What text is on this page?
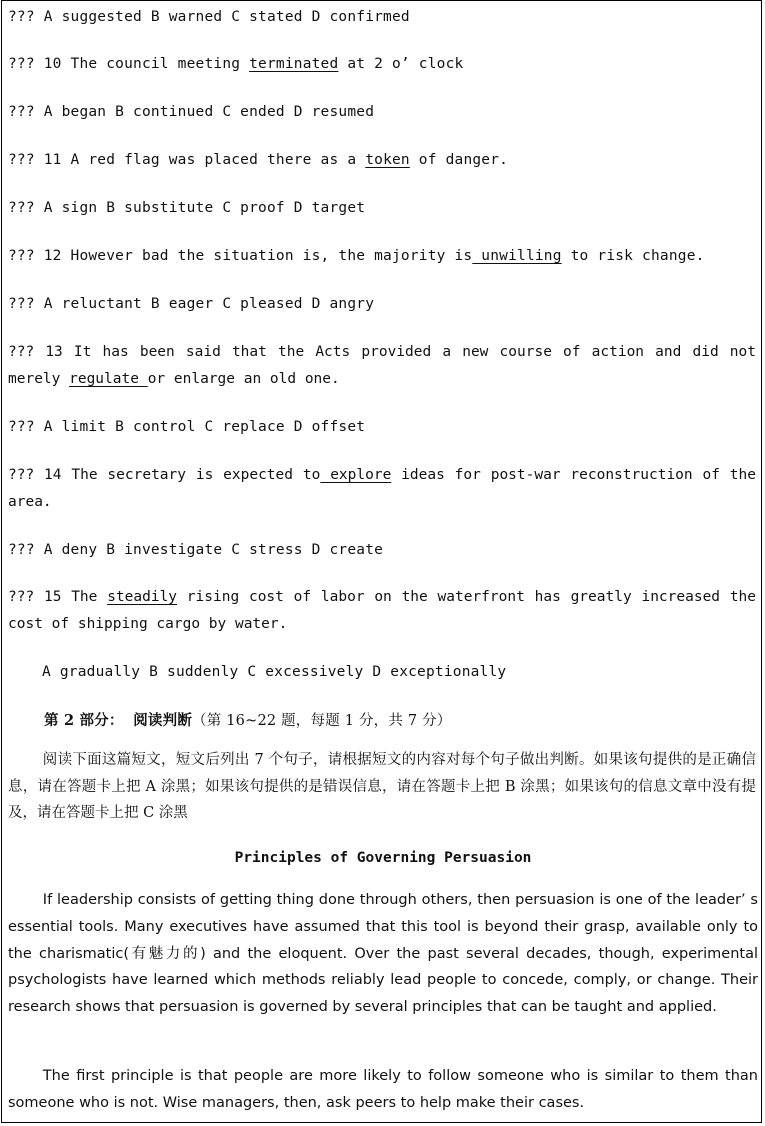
??? A suggested B warned C stated D confirmed
??? 10 The council meeting terminated at 2 o’ clock
??? A began B continued C ended D resumed
??? 11 A red flag was placed there as a token of danger.
??? A sign B substitute C proof D target
??? 12 However bad the situation is, the majority is unwilling to risk change.
??? A reluctant B eager C pleased D angry
??? 13 It has been said that the Acts provided a new course of action and did not merely regulate or enlarge an old one.
??? A limit B control C replace D offset
??? 14 The secretary is expected to explore ideas for post-war reconstruction of the area.
??? A deny B investigate C stress D create
??? 15 The steadily rising cost of labor on the waterfront has greatly increased the cost of shipping cargo by water.
A gradually B suddenly C excessively D exceptionally
第 2 部分： 阅读判断（第 16~22 题，每题 1 分，共 7 分）
阅读下面这篇短文，短文后列出 7 个句子，请根据短文的内容对每个句子做出判断。如果该句提供的是正确信息，请在答题卡上把 A 涂黑；如果该句提供的是错误信息，请在答题卡上把 B 涂黑；如果该句的信息文章中没有提及，请在答题卡上把 C 涂黑
Principles of Governing Persuasion
If leadership consists of getting thing done through others, then persuasion is one of the leader’ s essential tools. Many executives have assumed that this tool is beyond their grasp, available only to the charismatic(有魅力的) and the eloquent. Over the past several decades, though, experimental psychologists have learned which methods reliably lead people to concede, comply, or change. Their research shows that persuasion is governed by several principles that can be taught and applied.
The first principle is that people are more likely to follow someone who is similar to them than someone who is not. Wise managers, then, ask peers to help make their cases.
